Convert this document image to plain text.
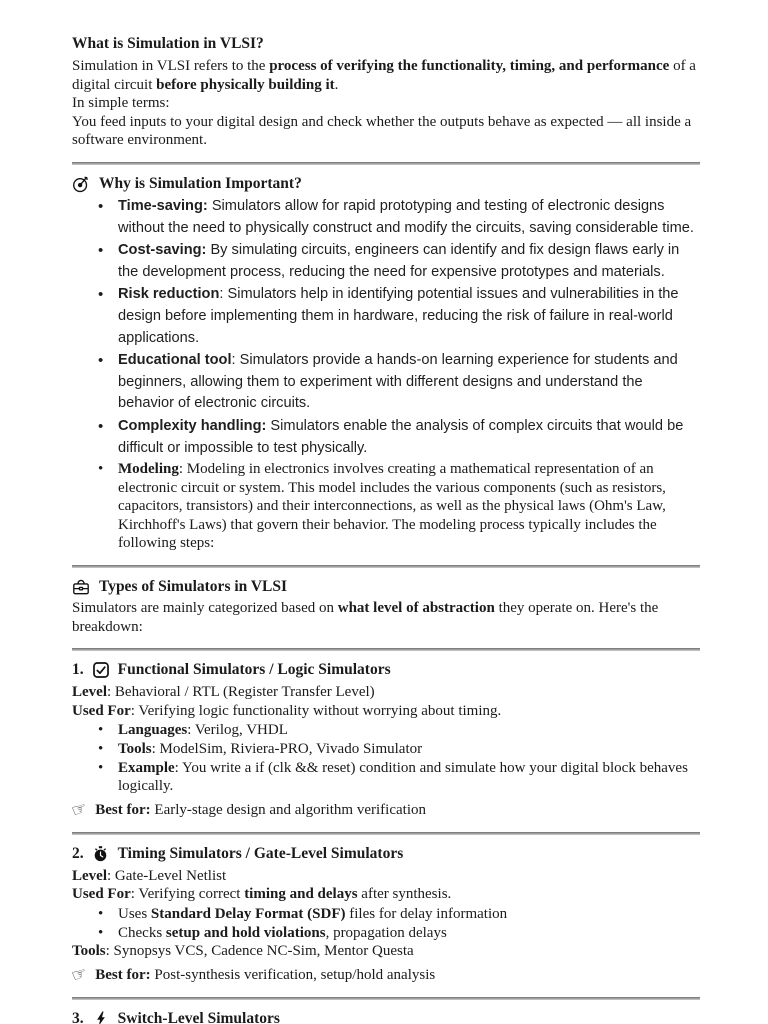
What is Simulation in VLSI?
Simulation in VLSI refers to the process of verifying the functionality, timing, and performance of a digital circuit before physically building it.
In simple terms:
You feed inputs to your digital design and check whether the outputs behave as expected — all inside a software environment.
Why is Simulation Important?
• Time-saving: Simulators allow for rapid prototyping and testing of electronic designs without the need to physically construct and modify the circuits, saving considerable time.
• Cost-saving: By simulating circuits, engineers can identify and fix design flaws early in the development process, reducing the need for expensive prototypes and materials.
• Risk reduction: Simulators help in identifying potential issues and vulnerabilities in the design before implementing them in hardware, reducing the risk of failure in real-world applications.
• Educational tool: Simulators provide a hands-on learning experience for students and beginners, allowing them to experiment with different designs and understand the behavior of electronic circuits.
• Complexity handling: Simulators enable the analysis of complex circuits that would be difficult or impossible to test physically.
• Modeling: Modeling in electronics involves creating a mathematical representation of an electronic circuit or system. This model includes the various components (such as resistors, capacitors, transistors) and their interconnections, as well as the physical laws (Ohm's Law, Kirchhoff's Laws) that govern their behavior. The modeling process typically includes the following steps:
Types of Simulators in VLSI
Simulators are mainly categorized based on what level of abstraction they operate on. Here's the breakdown:
1. Functional Simulators / Logic Simulators
Level: Behavioral / RTL (Register Transfer Level)
Used For: Verifying logic functionality without worrying about timing.
• Languages: Verilog, VHDL
• Tools: ModelSim, Riviera-PRO, Vivado Simulator
• Example: You write a if (clk && reset) condition and simulate how your digital block behaves logically.
☞ Best for: Early-stage design and algorithm verification
2. Timing Simulators / Gate-Level Simulators
Level: Gate-Level Netlist
Used For: Verifying correct timing and delays after synthesis.
• Uses Standard Delay Format (SDF) files for delay information
• Checks setup and hold violations, propagation delays
Tools: Synopsys VCS, Cadence NC-Sim, Mentor Questa
☞ Best for: Post-synthesis verification, setup/hold analysis
3. Switch-Level Simulators
